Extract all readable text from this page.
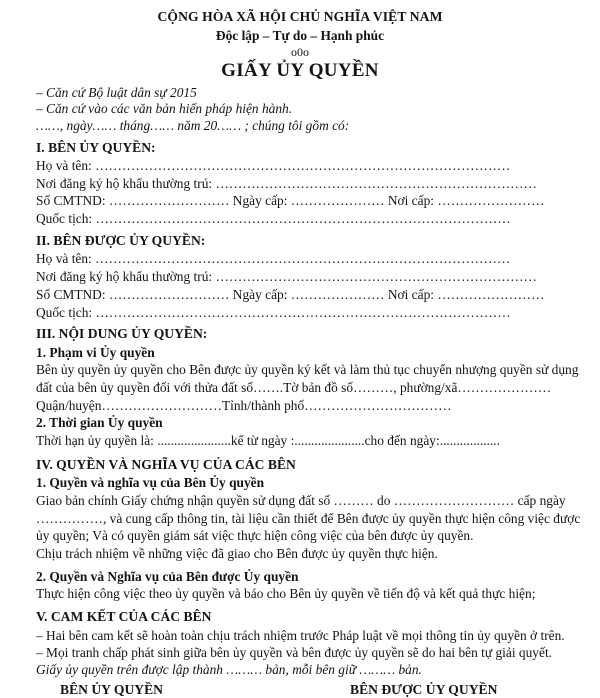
CỘNG HÒA XÃ HỘI CHỦ NGHĨA VIỆT NAM
Độc lập – Tự do – Hạnh phúc
o0o
GIẤY ỦY QUYỀN
– Căn cứ Bộ luật dân sự 2015
– Căn cứ vào các văn bản hiến pháp hiện hành.
……, ngày…… tháng…… năm 20…… ; chúng tôi gồm có:
I. BÊN ỦY QUYỀN:
Họ và tên: …………………………………………………………………………………
Nơi đăng ký hộ khẩu thường trú: ………………………………………………………………
Số CMTND: ……………………… Ngày cấp: ………………… Nơi cấp: ……………………
Quốc tịch: …………………………………………………………………………………
II. BÊN ĐƯỢC ỦY QUYỀN:
Họ và tên: …………………………………………………………………………………
Nơi đăng ký hộ khẩu thường trú: ………………………………………………………………
Số CMTND: ……………………… Ngày cấp: ………………… Nơi cấp: ……………………
Quốc tịch: …………………………………………………………………………………
III. NỘI DUNG ỦY QUYỀN:
1. Phạm vi Ủy quyền
Bên ủy quyền ủy quyền cho Bên được ủy quyền ký kết và làm thủ tục chuyển nhượng quyền sử dụng
đất của bên ủy quyền đối với thửa đất số…….Tờ bản đồ số………, phường/xã…………………
Quận/huyện………………………Tỉnh/thành phố……………………………
2. Thời gian Ủy quyền
Thời hạn ủy quyền là: ......................kể từ ngày :.....................cho đến ngày:..................
IV. QUYỀN VÀ NGHĨA VỤ CỦA CÁC BÊN
1. Quyền và nghĩa vụ của Bên Ủy quyền
Giao bản chính Giấy chứng nhận quyền sử dụng đất số ……… do ……………………… cấp ngày
……………, và cung cấp thông tin, tài liệu cần thiết để Bên được ủy quyền thực hiện công việc được
ủy quyền; Và có quyền giám sát việc thực hiện công việc của bên được ủy quyền.
Chịu trách nhiệm về những việc đã giao cho Bên được ủy quyền thực hiện.
2. Quyền và Nghĩa vụ của Bên được Ủy quyền
Thực hiện công việc theo ủy quyền và báo cho Bên ủy quyền về tiến độ và kết quả thực hiện;
V. CAM KẾT CỦA CÁC BÊN
– Hai bên cam kết sẽ hoàn toàn chịu trách nhiệm trước Pháp luật về mọi thông tin ủy quyền ở trên.
– Mọi tranh chấp phát sinh giữa bên ủy quyền và bên được ủy quyền sẽ do hai bên tự giải quyết.
Giấy ủy quyền trên được lập thành ……… bản, mỗi bên giữ ……… bản.
BÊN ỦY QUYỀN	BÊN ĐƯỢC ỦY QUYỀN
